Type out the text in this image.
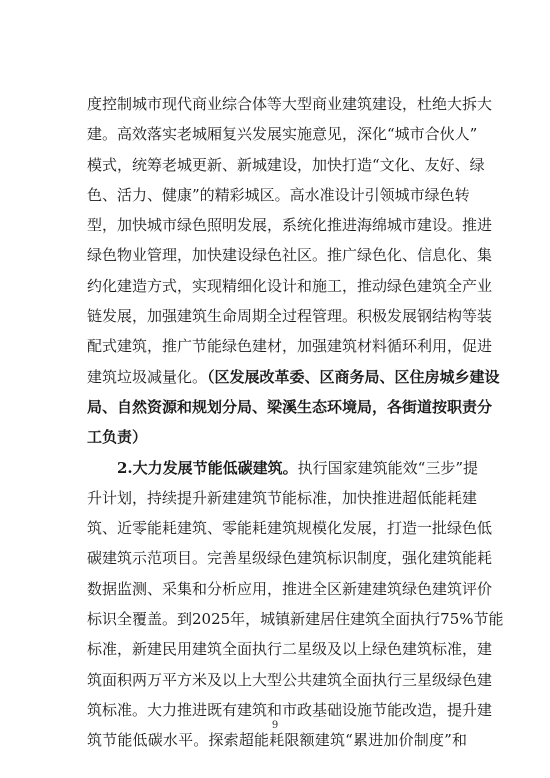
度控制城市现代商业综合体等大型商业建筑建设，杜绝大拆大
建。高效落实老城厢复兴发展实施意见，深化“城市合伙人”
模式，统筹老城更新、新城建设，加快打造“文化、友好、绿
色、活力、健康”的精彩城区。高水准设计引领城市绿色转
型，加快城市绿色照明发展，系统化推进海绵城市建设。推进
绿色物业管理，加快建设绿色社区。推广绿色化、信息化、集
约化建造方式，实现精细化设计和施工，推动绿色建筑全产业
链发展，加强建筑生命周期全过程管理。积极发展钢结构等装
配式建筑，推广节能绿色建材，加强建筑材料循环利用，促进
建筑垃圾减量化。（区发展改革委、区商务局、区住房城乡建设
局、自然资源和规划分局、梁溪生态环境局，各街道按职责分
工负责）
2.大力发展节能低碳建筑。执行国家建筑能效“三步”提
升计划，持续提升新建建筑节能标准，加快推进超低能耗建
筑、近零能耗建筑、零能耗建筑规模化发展，打造一批绿色低
碳建筑示范项目。完善星级绿色建筑标识制度，强化建筑能耗
数据监测、采集和分析应用，推进全区新建建筑绿色建筑评价
标识全覆盖。到2025年，城镇新建居住建筑全面执行75%节能
标准，新建民用建筑全面执行二星级及以上绿色建筑标准，建
筑面积两万平方米及以上大型公共建筑全面执行三星级绿色建
筑标准。大力推进既有建筑和市政基础设施节能改造，提升建
筑节能低碳水平。探索超能耗限额建筑“累进加价制度”和
9
